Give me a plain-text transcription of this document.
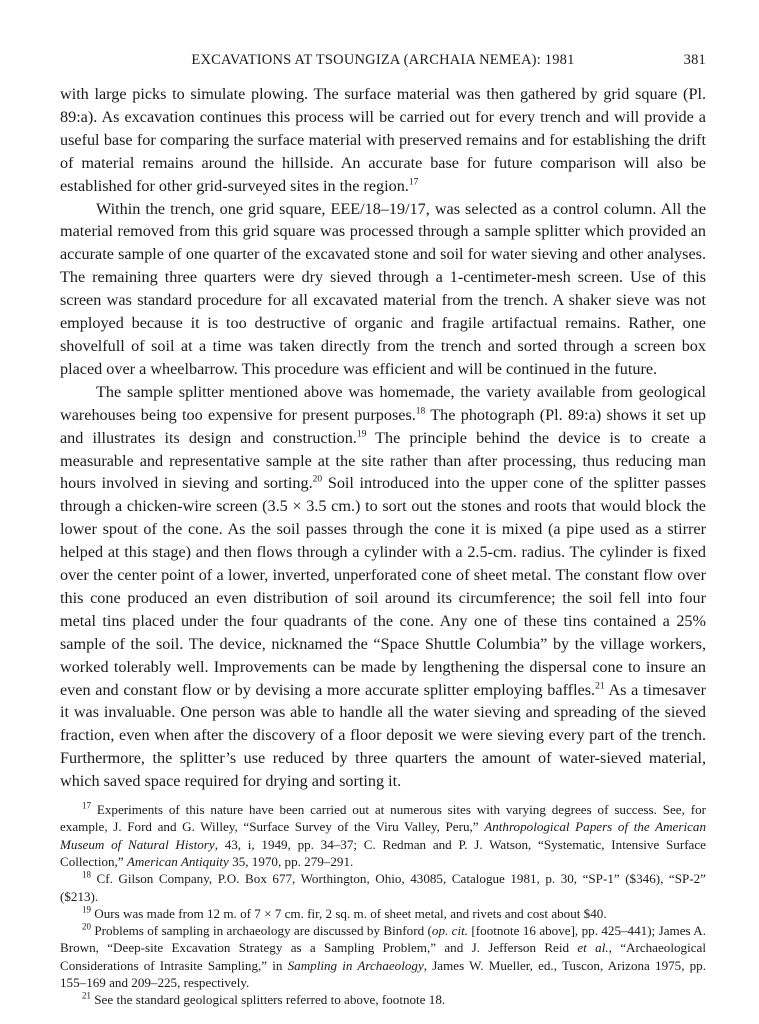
EXCAVATIONS AT TSOUNGIZA (ARCHAIA NEMEA): 1981	381

with large picks to simulate plowing. The surface material was then gathered by grid square (Pl. 89:a). As excavation continues this process will be carried out for every trench and will provide a useful base for comparing the surface material with preserved remains and for establishing the drift of material remains around the hillside. An accurate base for future comparison will also be established for other grid-surveyed sites in the region.$^{17}$

Within the trench, one grid square, EEE/18–19/17, was selected as a control column. All the material removed from this grid square was processed through a sample splitter which provided an accurate sample of one quarter of the excavated stone and soil for water sieving and other analyses. The remaining three quarters were dry sieved through a 1-centimeter-mesh screen. Use of this screen was standard procedure for all excavated material from the trench. A shaker sieve was not employed because it is too destructive of organic and fragile artifactual remains. Rather, one shovelfull of soil at a time was taken directly from the trench and sorted through a screen box placed over a wheelbarrow. This procedure was efficient and will be continued in the future.

The sample splitter mentioned above was homemade, the variety available from geological warehouses being too expensive for present purposes.$^{18}$ The photograph (Pl. 89:a) shows it set up and illustrates its design and construction.$^{19}$ The principle behind the device is to create a measurable and representative sample at the site rather than after processing, thus reducing man hours involved in sieving and sorting.$^{20}$ Soil introduced into the upper cone of the splitter passes through a chicken-wire screen (3.5 × 3.5 cm.) to sort out the stones and roots that would block the lower spout of the cone. As the soil passes through the cone it is mixed (a pipe used as a stirrer helped at this stage) and then flows through a cylinder with a 2.5-cm. radius. The cylinder is fixed over the center point of a lower, inverted, unperforated cone of sheet metal. The constant flow over this cone produced an even distribution of soil around its circumference; the soil fell into four metal tins placed under the four quadrants of the cone. Any one of these tins contained a 25% sample of the soil. The device, nicknamed the “Space Shuttle Columbia” by the village workers, worked tolerably well. Improvements can be made by lengthening the dispersal cone to insure an even and constant flow or by devising a more accurate splitter employing baffles.$^{21}$ As a timesaver it was invaluable. One person was able to handle all the water sieving and spreading of the sieved fraction, even when after the discovery of a floor deposit we were sieving every part of the trench. Furthermore, the splitter’s use reduced by three quarters the amount of water-sieved material, which saved space required for drying and sorting it.

$^{17}$ Experiments of this nature have been carried out at numerous sites with varying degrees of success. See, for example, J. Ford and G. Willey, “Surface Survey of the Viru Valley, Peru,” Anthropological Papers of the American Museum of Natural History, 43, i, 1949, pp. 34–37; C. Redman and P. J. Watson, “Systematic, Intensive Surface Collection,” American Antiquity 35, 1970, pp. 279–291.

$^{18}$ Cf. Gilson Company, P.O. Box 677, Worthington, Ohio, 43085, Catalogue 1981, p. 30, “SP-1” ($346), “SP-2” ($213).

$^{19}$ Ours was made from 12 m. of 7 × 7 cm. fir, 2 sq. m. of sheet metal, and rivets and cost about $40.

$^{20}$ Problems of sampling in archaeology are discussed by Binford (op. cit. [footnote 16 above], pp. 425–441); James A. Brown, “Deep-site Excavation Strategy as a Sampling Problem,” and J. Jefferson Reid et al., “Archaeological Considerations of Intrasite Sampling,” in Sampling in Archaeology, James W. Mueller, ed., Tuscon, Arizona 1975, pp. 155–169 and 209–225, respectively.

$^{21}$ See the standard geological splitters referred to above, footnote 18.
